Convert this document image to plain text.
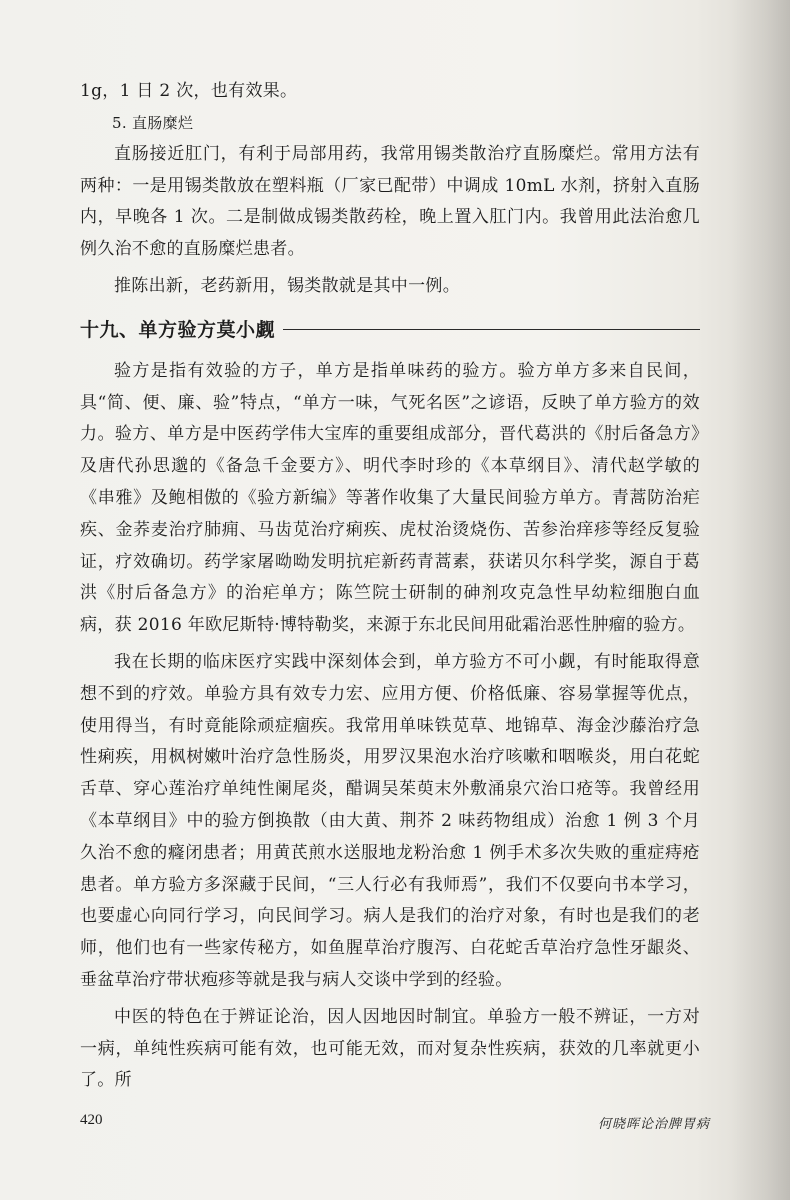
1g，1 日 2 次，也有效果。

5. 直肠糜烂

直肠接近肛门，有利于局部用药，我常用锡类散治疗直肠糜烂。常用方法有两种：一是用锡类散放在塑料瓶（厂家已配带）中调成 10mL 水剂，挤射入直肠内，早晚各 1 次。二是制做成锡类散药栓，晚上置入肛门内。我曾用此法治愈几例久治不愈的直肠糜烂患者。

推陈出新，老药新用，锡类散就是其中一例。

十九、单方验方莫小觑

验方是指有效验的方子，单方是指单味药的验方。验方单方多来自民间，具“简、便、廉、验”特点，“单方一味，气死名医”之谚语，反映了单方验方的效力。验方、单方是中医药学伟大宝库的重要组成部分，晋代葛洪的《肘后备急方》及唐代孙思邈的《备急千金要方》、明代李时珍的《本草纲目》、清代赵学敏的《串雅》及鲍相傲的《验方新编》等著作收集了大量民间验方单方。青蒿防治疟疾、金荞麦治疗肺痈、马齿苋治疗痢疾、虎杖治烫烧伤、苦参治痒疹等经反复验证，疗效确切。药学家屠呦呦发明抗疟新药青蒿素，获诺贝尔科学奖，源自于葛洪《肘后备急方》的治疟单方；陈竺院士研制的砷剂攻克急性早幼粒细胞白血病，获 2016 年欧尼斯特·博特勒奖，来源于东北民间用砒霜治恶性肿瘤的验方。

我在长期的临床医疗实践中深刻体会到，单方验方不可小觑，有时能取得意想不到的疗效。单验方具有效专力宏、应用方便、价格低廉、容易掌握等优点，使用得当，有时竟能除顽症痼疾。我常用单味铁苋草、地锦草、海金沙藤治疗急性痢疾，用枫树嫩叶治疗急性肠炎，用罗汉果泡水治疗咳嗽和咽喉炎，用白花蛇舌草、穿心莲治疗单纯性阑尾炎，醋调吴茱萸末外敷涌泉穴治口疮等。我曾经用《本草纲目》中的验方倒换散（由大黄、荆芥 2 味药物组成）治愈 1 例 3 个月久治不愈的癃闭患者；用黄芪煎水送服地龙粉治愈 1 例手术多次失败的重症痔疮患者。单方验方多深藏于民间，“三人行必有我师焉”，我们不仅要向书本学习，也要虚心向同行学习，向民间学习。病人是我们的治疗对象，有时也是我们的老师，他们也有一些家传秘方，如鱼腥草治疗腹泻、白花蛇舌草治疗急性牙龈炎、垂盆草治疗带状疱疹等就是我与病人交谈中学到的经验。

中医的特色在于辨证论治，因人因地因时制宜。单验方一般不辨证，一方对一病，单纯性疾病可能有效，也可能无效，而对复杂性疾病，获效的几率就更小了。所

420	何晓晖论治脾胃病
